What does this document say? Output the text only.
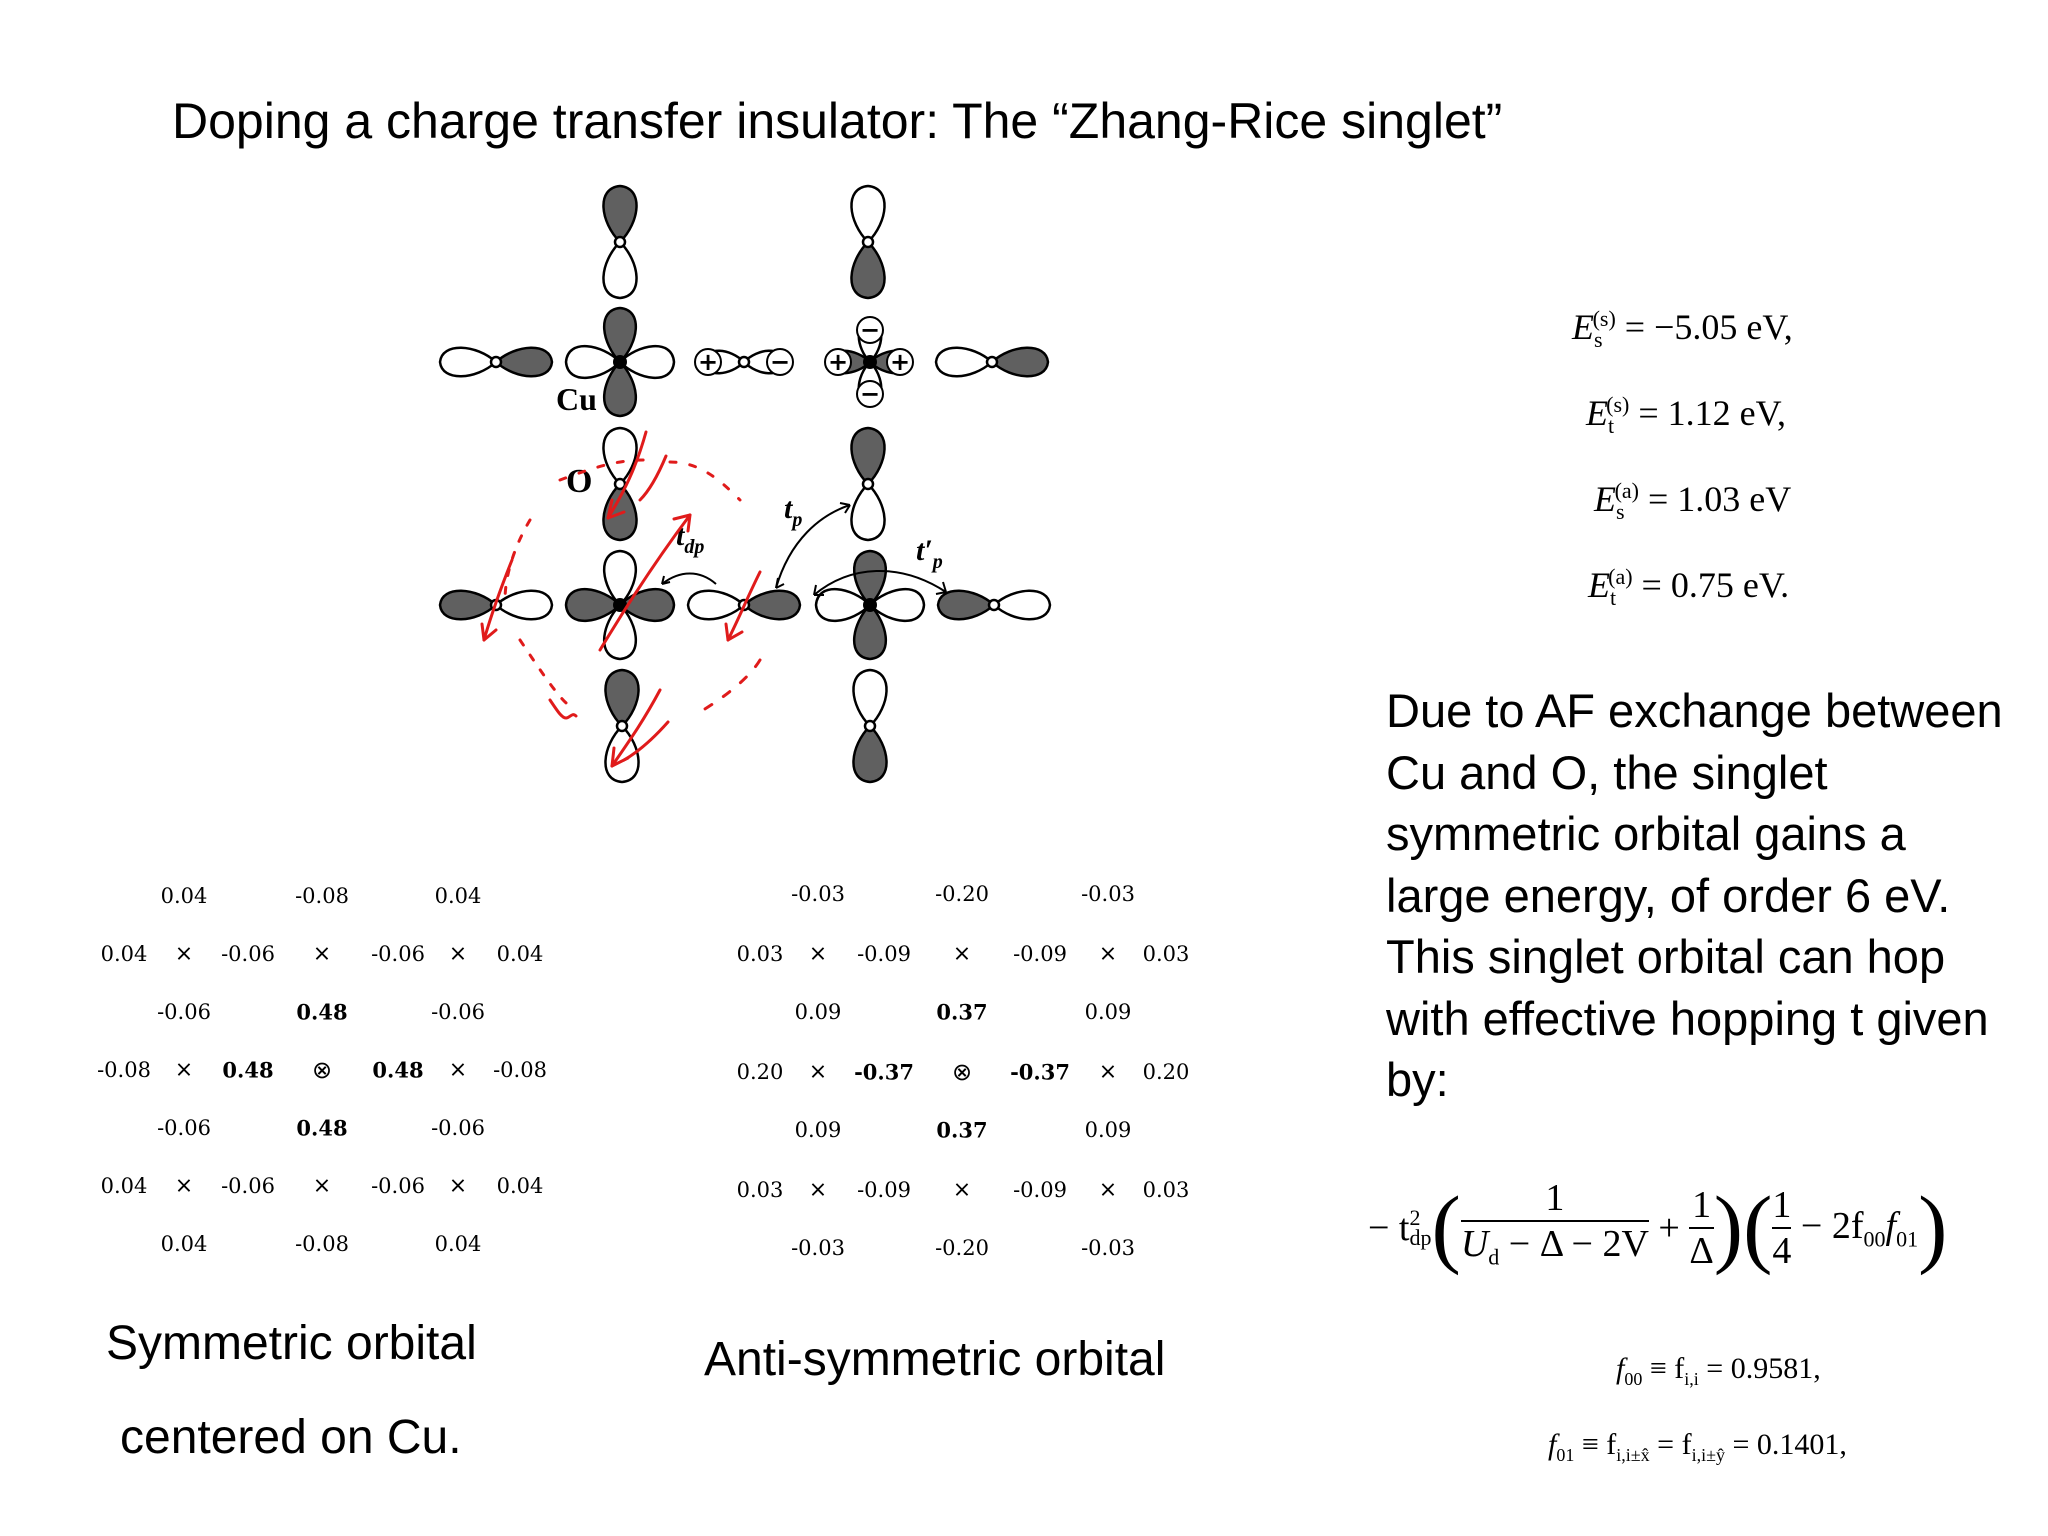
Doping a charge transfer insulator: The “Zhang-Rice singlet”
+ − + +
−
−
Cu
O
$t_{dp}$
$t_p$
$t'_p$
$E_s^{(s)} = -5.05$ eV,
$E_t^{(s)} = 1.12$ eV,
$E_s^{(a)} = 1.03$ eV
$E_t^{(a)} = 0.75$ eV.
Due to AF exchange between Cu and O, the singlet symmetric orbital gains a large energy, of order 6 eV. This singlet orbital can hop with effective hopping t given by:
− t 2
dp ( $\frac{1}{U_d - \Delta - 2V} + \frac{1}{\Delta}$ )( $\frac{1}{4} - 2f_{00}f_{01}$)
$f_{00} \equiv f_{i,i} = 0.9581$,
$f_{01} \equiv f_{i,i\pm x̂} = f_{i,i\pm ŷ} = 0.1401$,
0.04	-0.08	0.04
0.04 × -0.06 × -0.06 × 0.04
-0.06	0.48	-0.06
-0.08 × 0.48 ⊗ 0.48 × -0.08
-0.06	0.48	-0.06
0.04 × -0.06 × -0.06 × 0.04
0.04	-0.08	0.04
-0.03	-0.20	-0.03
0.03 × -0.09 × -0.09 × 0.03
0.09	0.37	0.09
0.20 × -0.37 ⊗ -0.37 × 0.20
0.09	0.37	0.09
0.03 × -0.09 × -0.09 × 0.03
-0.03	-0.20	-0.03
Symmetric orbital
centered on Cu.
Anti-symmetric orbital
